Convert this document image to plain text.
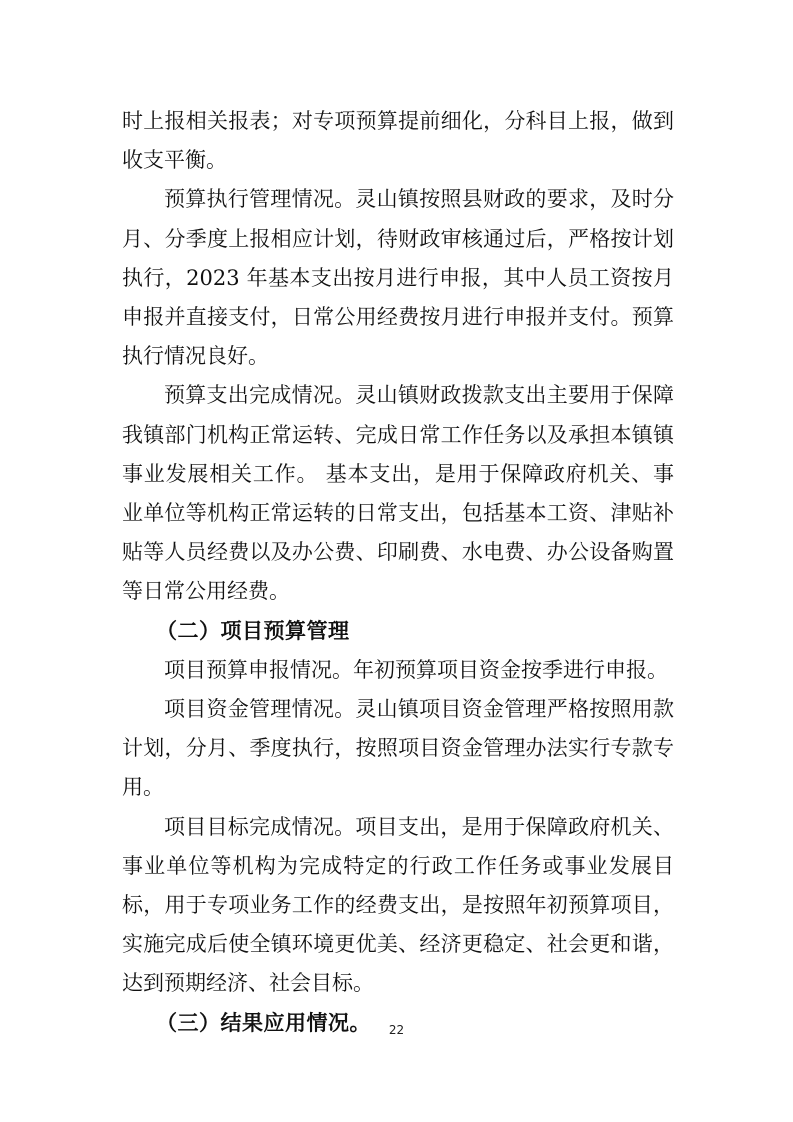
时上报相关报表；对专项预算提前细化，分科目上报，做到收支平衡。

预算执行管理情况。灵山镇按照县财政的要求，及时分月、分季度上报相应计划，待财政审核通过后，严格按计划执行，2023 年基本支出按月进行申报，其中人员工资按月申报并直接支付，日常公用经费按月进行申报并支付。预算执行情况良好。

预算支出完成情况。灵山镇财政拨款支出主要用于保障我镇部门机构正常运转、完成日常工作任务以及承担本镇镇事业发展相关工作。 基本支出，是用于保障政府机关、事业单位等机构正常运转的日常支出，包括基本工资、津贴补贴等人员经费以及办公费、印刷费、水电费、办公设备购置等日常公用经费。

（二）项目预算管理

项目预算申报情况。年初预算项目资金按季进行申报。

项目资金管理情况。灵山镇项目资金管理严格按照用款计划，分月、季度执行，按照项目资金管理办法实行专款专用。

项目目标完成情况。项目支出，是用于保障政府机关、事业单位等机构为完成特定的行政工作任务或事业发展目标，用于专项业务工作的经费支出，是按照年初预算项目，实施完成后使全镇环境更优美、经济更稳定、社会更和谐，达到预期经济、社会目标。

（三）结果应用情况。	22
